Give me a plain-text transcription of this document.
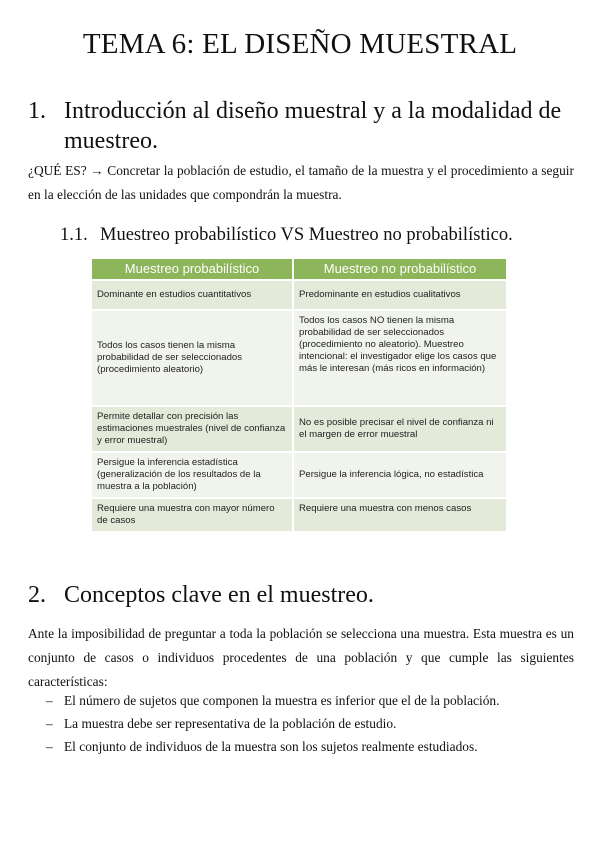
TEMA 6: EL DISEÑO MUESTRAL
1. Introducción al diseño muestral y a la modalidad de muestreo.
¿QUÉ ES? → Concretar la población de estudio, el tamaño de la muestra y el procedimiento a seguir en la elección de las unidades que compondrán la muestra.
1.1. Muestreo probabilístico VS Muestreo no probabilístico.
Muestreo probabilístico	Muestreo no probabilístico
Dominante en estudios cuantitativos	Predominante en estudios cualitativos
Todos los casos tienen la misma probabilidad de ser seleccionados (procedimiento aleatorio)	Todos los casos NO tienen la misma probabilidad de ser seleccionados (procedimiento no aleatorio). Muestreo intencional: el investigador elige los casos que más le interesan (más ricos en información)
Permite detallar con precisión las estimaciones muestrales (nivel de confianza y error muestral)	No es posible precisar el nivel de confianza ni el margen de error muestral
Persigue la inferencia estadística (generalización de los resultados de la muestra a la población)	Persigue la inferencia lógica, no estadística
Requiere una muestra con mayor número de casos	Requiere una muestra con menos casos
2. Conceptos clave en el muestreo.
Ante la imposibilidad de preguntar a toda la población se selecciona una muestra. Esta muestra es un conjunto de casos o individuos procedentes de una población y que cumple las siguientes características:
– El número de sujetos que componen la muestra es inferior que el de la población.
– La muestra debe ser representativa de la población de estudio.
– El conjunto de individuos de la muestra son los sujetos realmente estudiados.
